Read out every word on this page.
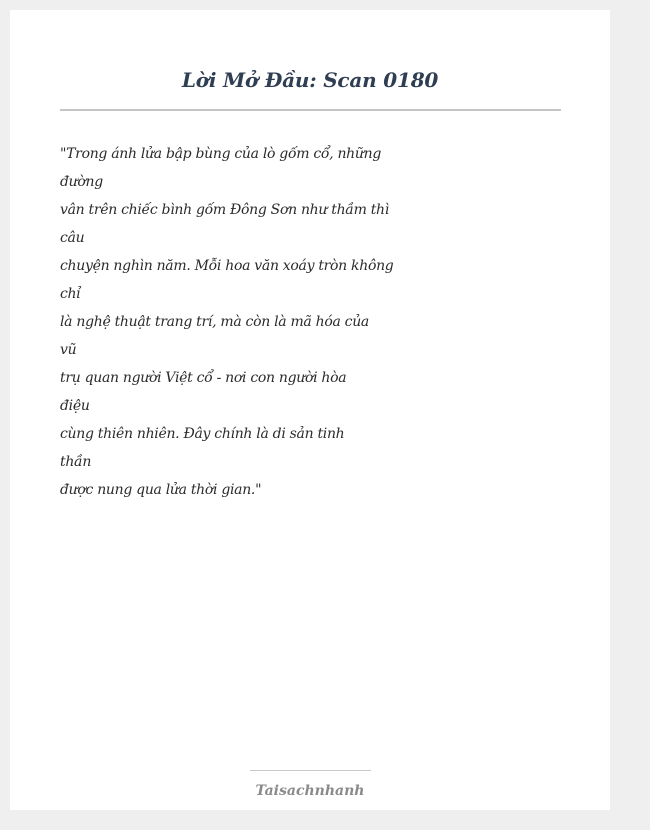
Lời Mở Đầu: Scan 0180
"Trong ánh lửa bập bùng của lò gốm cổ, những
đường
vân trên chiếc bình gốm Đông Sơn như thầm thì
câu
chuyện nghìn năm. Mỗi hoa văn xoáy tròn không
chỉ
là nghệ thuật trang trí, mà còn là mã hóa của
vũ
trụ quan người Việt cổ - nơi con người hòa
điệu
cùng thiên nhiên. Đây chính là di sản tinh
thần
được nung qua lửa thời gian."
Taisachnhanh
